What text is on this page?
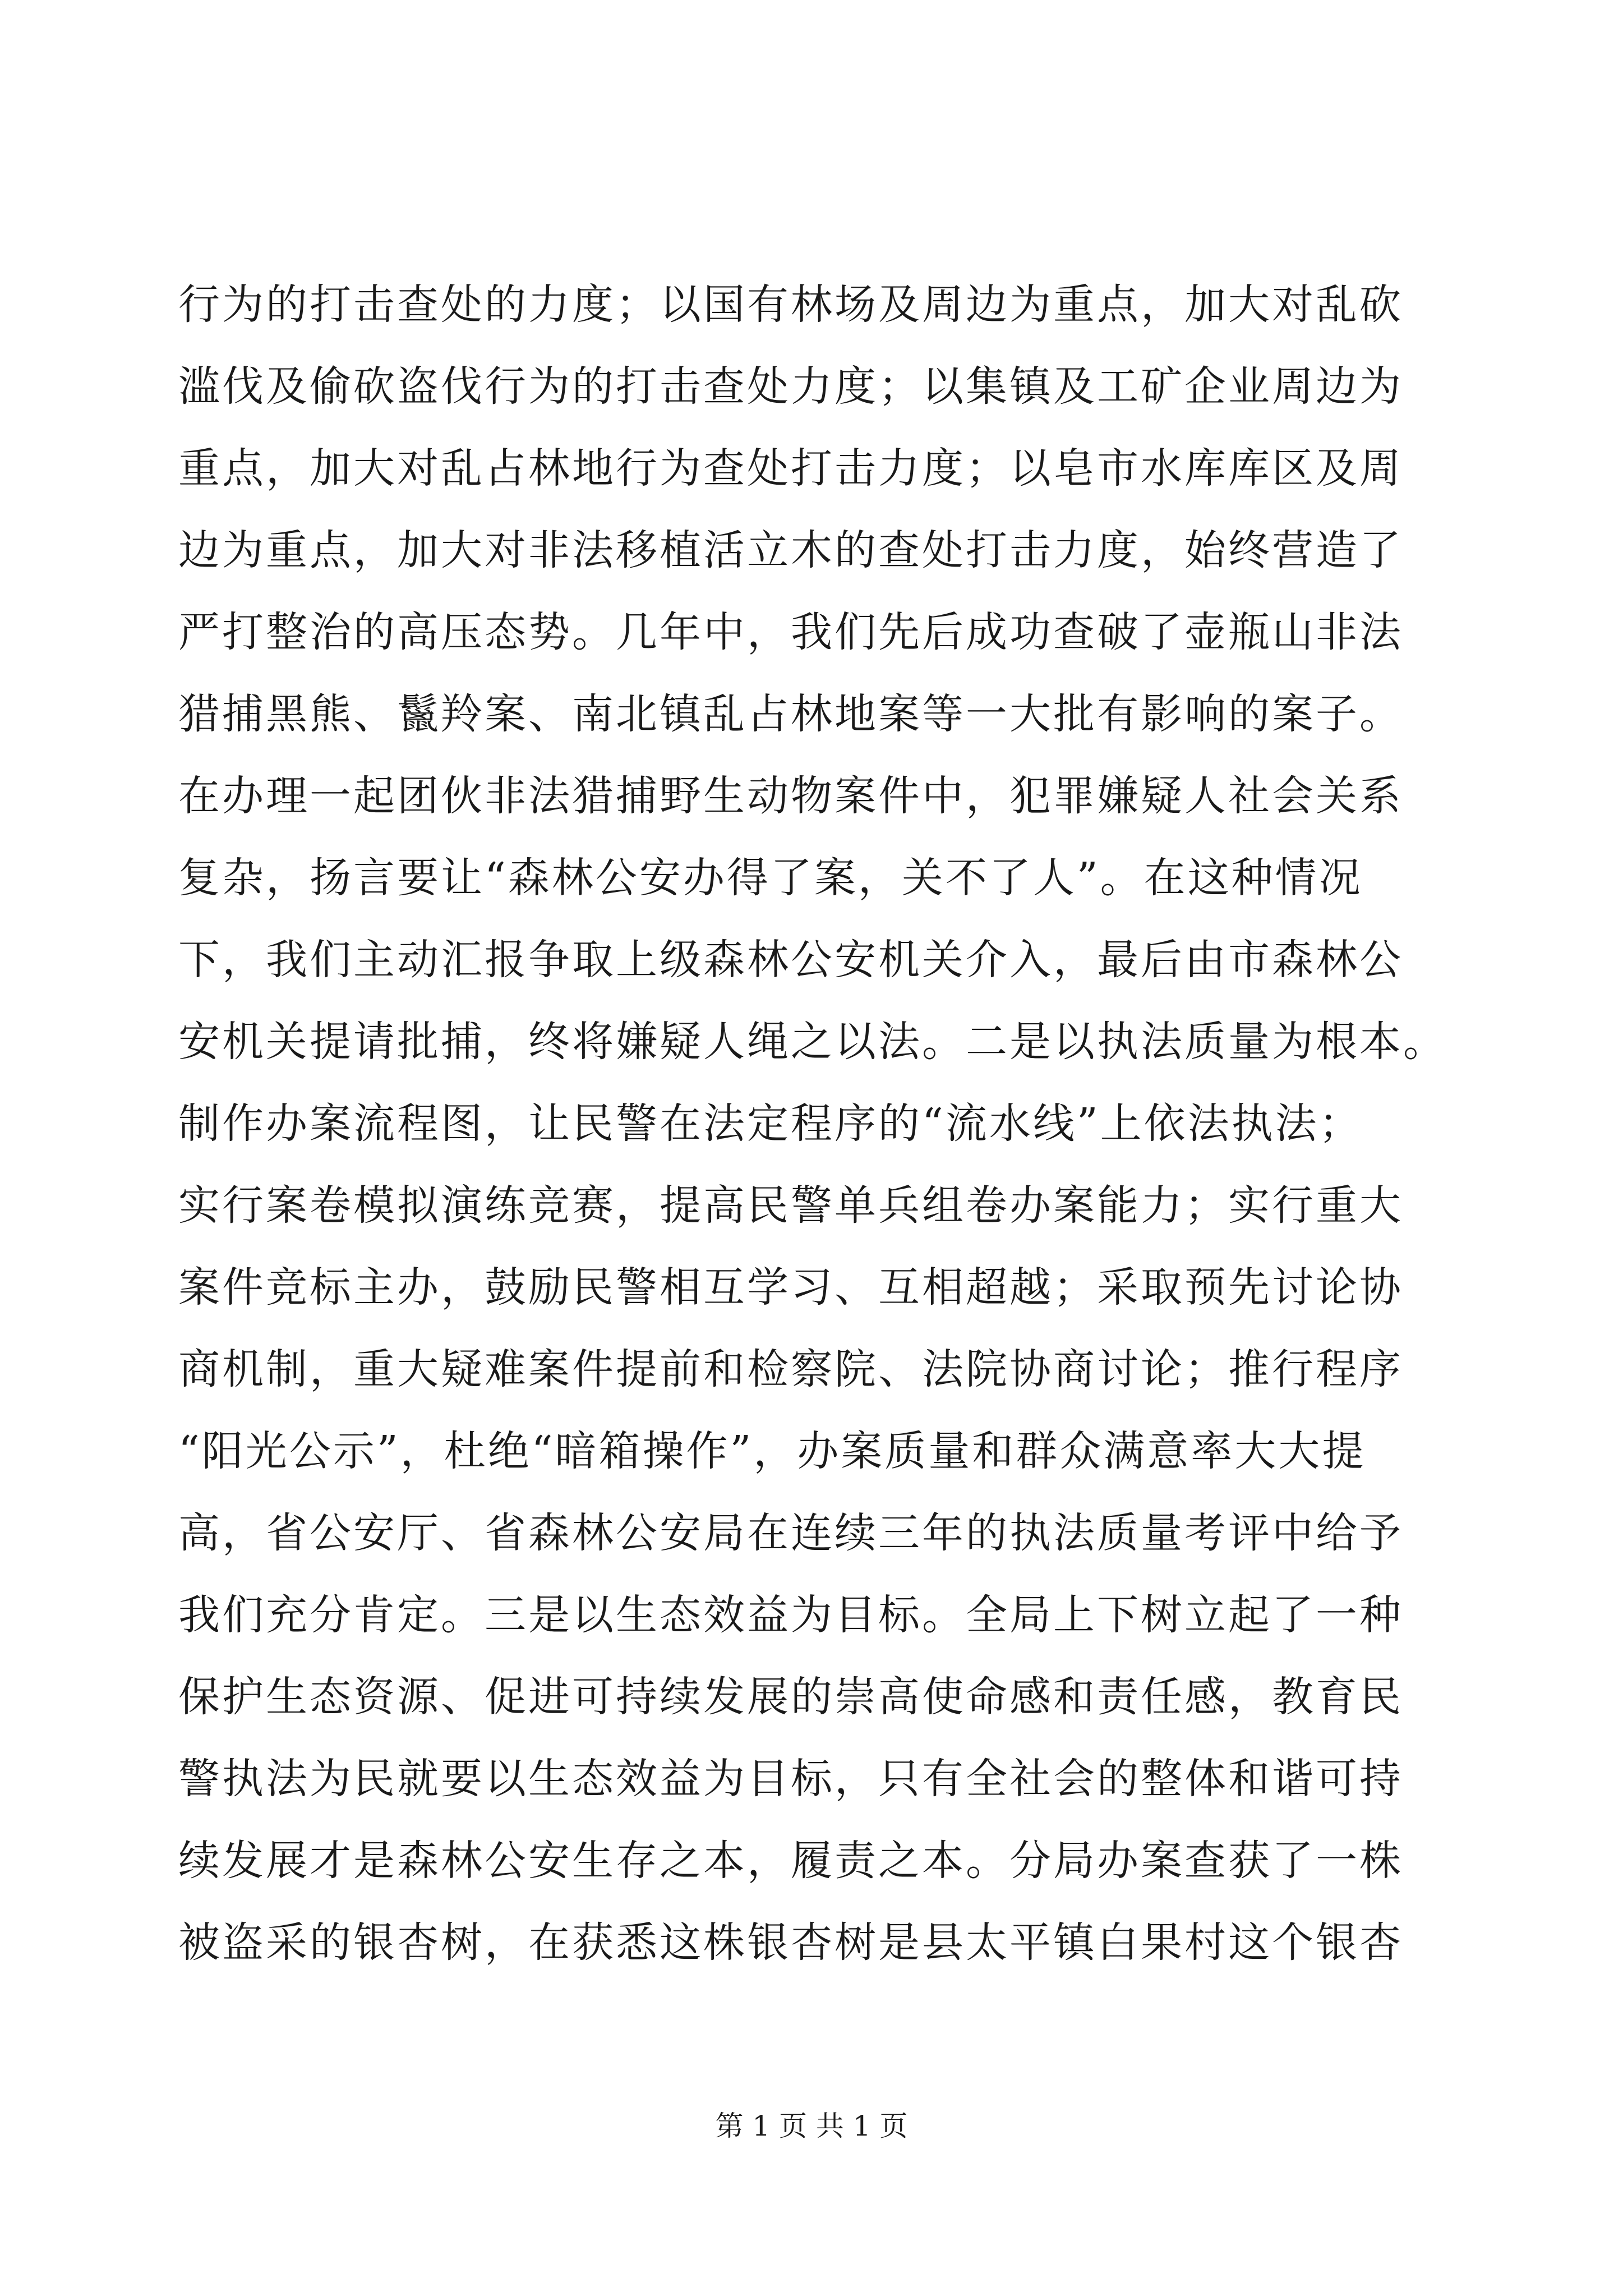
行为的打击查处的力度；以国有林场及周边为重点，加大对乱砍
滥伐及偷砍盗伐行为的打击查处力度；以集镇及工矿企业周边为
重点，加大对乱占林地行为查处打击力度；以皂市水库库区及周
边为重点，加大对非法移植活立木的查处打击力度，始终营造了
严打整治的高压态势。几年中，我们先后成功查破了壶瓶山非法
猎捕黑熊、鬣羚案、南北镇乱占林地案等一大批有影响的案子。
在办理一起团伙非法猎捕野生动物案件中，犯罪嫌疑人社会关系
复杂，扬言要让“森林公安办得了案，关不了人”。在这种情况
下，我们主动汇报争取上级森林公安机关介入，最后由市森林公
安机关提请批捕，终将嫌疑人绳之以法。二是以执法质量为根本。
制作办案流程图，让民警在法定程序的“流水线”上依法执法；
实行案卷模拟演练竞赛，提高民警单兵组卷办案能力；实行重大
案件竞标主办，鼓励民警相互学习、互相超越；采取预先讨论协
商机制，重大疑难案件提前和检察院、法院协商讨论；推行程序
“阳光公示”，杜绝“暗箱操作”，办案质量和群众满意率大大提
高，省公安厅、省森林公安局在连续三年的执法质量考评中给予
我们充分肯定。三是以生态效益为目标。全局上下树立起了一种
保护生态资源、促进可持续发展的崇高使命感和责任感，教育民
警执法为民就要以生态效益为目标，只有全社会的整体和谐可持
续发展才是森林公安生存之本，履责之本。分局办案查获了一株
被盗采的银杏树，在获悉这株银杏树是县太平镇白果村这个银杏
第 1 页 共 1 页
